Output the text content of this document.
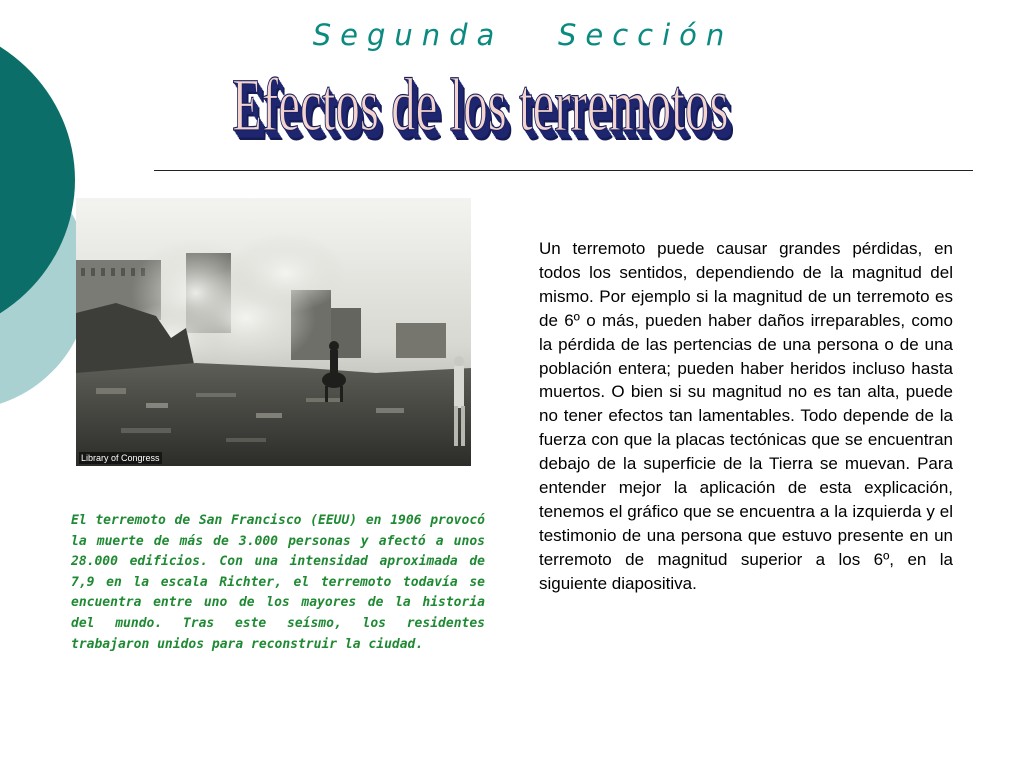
Segunda   Sección
Efectos de los terremotos
Library of Congress

El terremoto de San Francisco (EEUU) en 1906 provocó la muerte de más de 3.000 personas y afectó a unos 28.000 edificios. Con una intensidad aproximada de 7,9 en la escala Richter, el terremoto todavía se encuentra entre uno de los mayores de la historia del mundo. Tras este seísmo, los residentes trabajaron unidos para reconstruir la ciudad.

Un terremoto puede causar grandes pérdidas, en todos los sentidos, dependiendo de la magnitud del mismo. Por ejemplo si la magnitud de un terremoto es de 6º o más, pueden haber daños irreparables, como la pérdida de las pertencias de una persona o de una población entera; pueden haber heridos incluso hasta muertos. O bien si su magnitud no es tan alta, puede no tener efectos tan lamentables. Todo depende de la fuerza con que la placas tectónicas que se encuentran debajo de la superficie de la Tierra se muevan. Para entender mejor la aplicación de esta explicación, tenemos el gráfico que se encuentra a la izquierda y el testimonio de una persona que estuvo presente en un terremoto de magnitud superior a los 6º, en la siguiente diapositiva.
